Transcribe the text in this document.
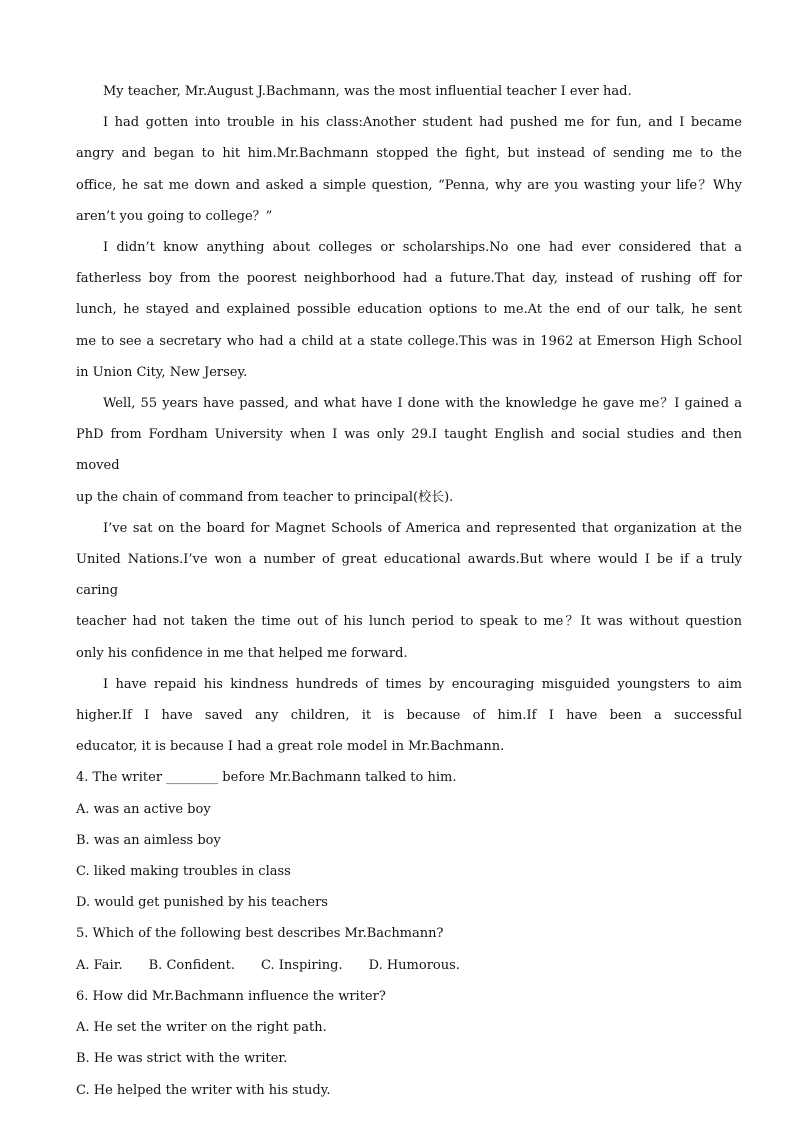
My teacher, Mr.August J.Bachmann, was the most influential teacher I ever had.

I had gotten into trouble in his class:Another student had pushed me for fun, and I became

angry and began to hit him.Mr.Bachmann stopped the fight, but instead of sending me to the

office, he sat me down and asked a simple question, “Penna, why are you wasting your life？Why

aren’t you going to college？”

I didn’t know anything about colleges or scholarships.No one had ever considered that a

fatherless boy from the poorest neighborhood had a future.That day, instead of rushing off for

lunch, he stayed and explained possible education options to me.At the end of our talk, he sent

me to see a secretary who had a child at a state college.This was in 1962 at Emerson High School

in Union City, New Jersey.

Well, 55 years have passed, and what have I done with the knowledge he gave me？I gained a

PhD from Fordham University when I was only 29.I taught English and social studies and then moved

up the chain of command from teacher to principal(校长).

I’ve sat on the board for Magnet Schools of America and represented that organization at the

United Nations.I’ve won a number of great educational awards.But where would I be if a truly caring

teacher had not taken the time out of his lunch period to speak to me？It was without question

only his confidence in me that helped me forward.

I have repaid his kindness hundreds of times by encouraging misguided youngsters to aim

higher.If I have saved any children, it is because of him.If I have been a successful

educator, it is because I had a great role model in Mr.Bachmann.

4. The writer ________ before Mr.Bachmann talked to him.

A. was an active boy

B. was an aimless boy

C. liked making troubles in class

D. would get punished by his teachers

5. Which of the following best describes Mr.Bachmann?

A. Fair. B. Confident. C. Inspiring. D. Humorous.

6. How did Mr.Bachmann influence the writer?

A. He set the writer on the right path.

B. He was strict with the writer.

C. He helped the writer with his study.
